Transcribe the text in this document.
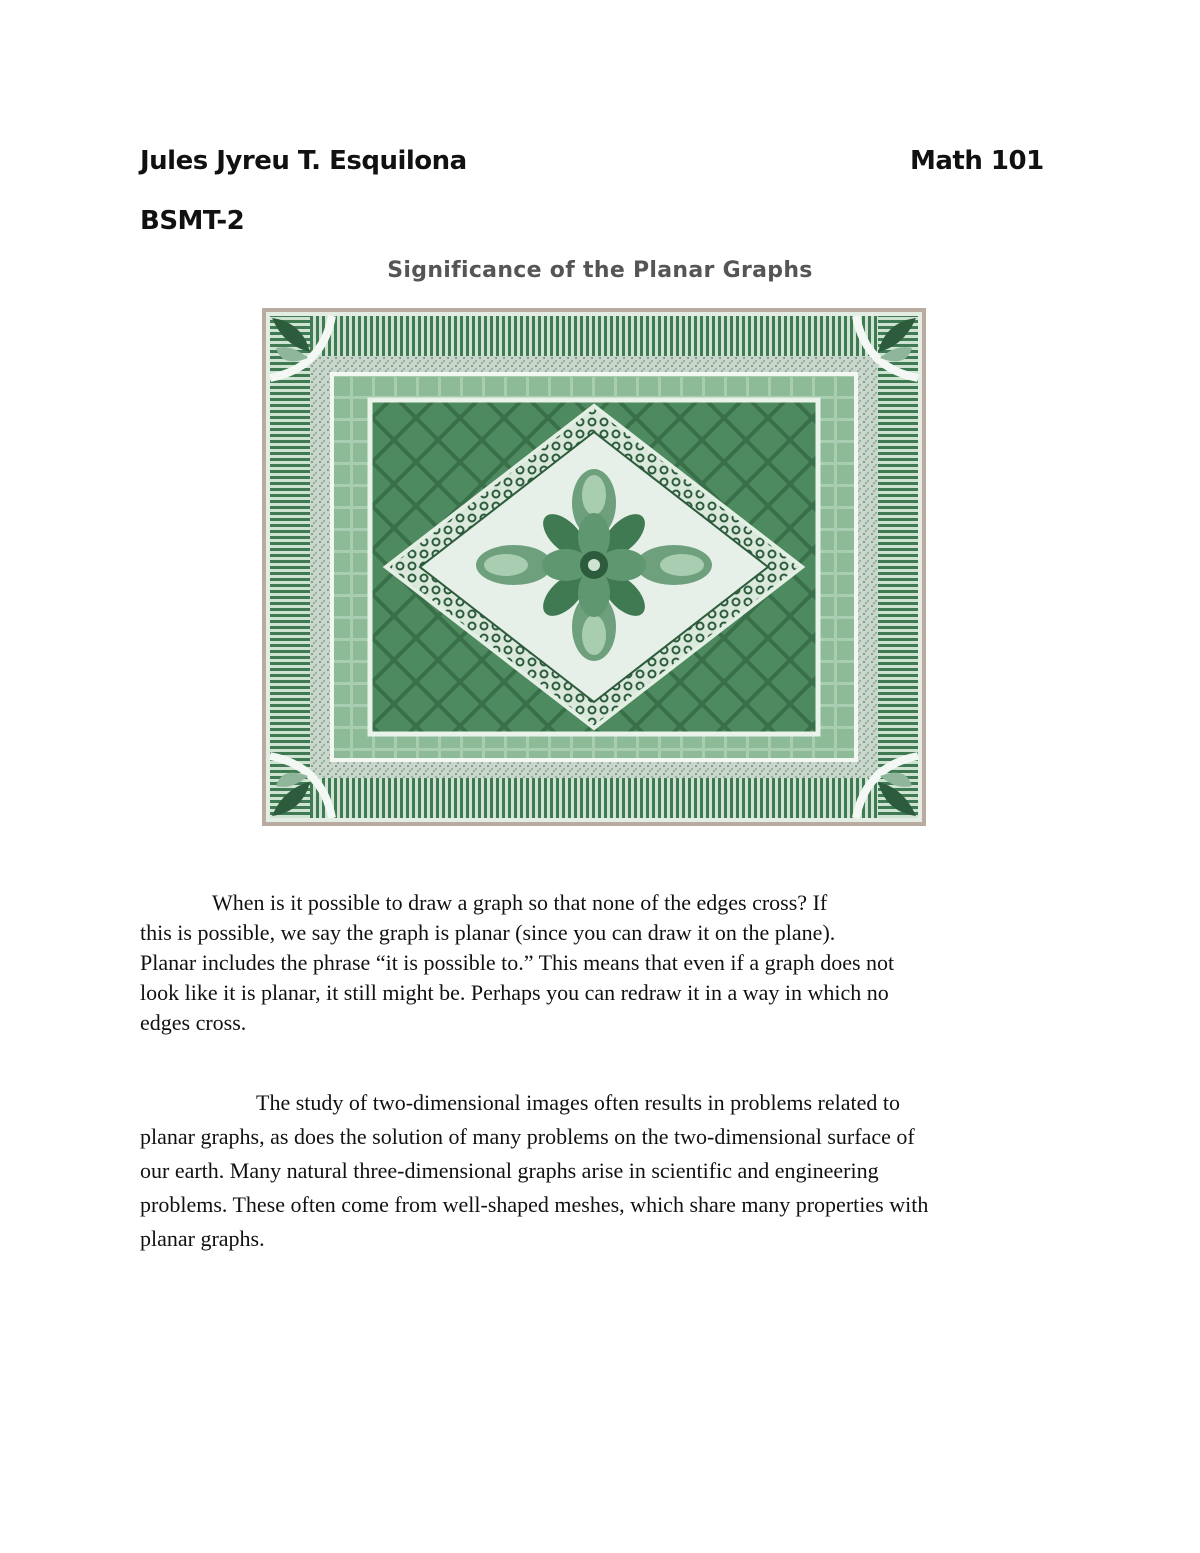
Jules Jyreu T. Esquilona	Math 101
BSMT-2
Significance of the Planar Graphs
When is it possible to draw a graph so that none of the edges cross? If
this is possible, we say the graph is planar (since you can draw it on the plane).
Planar includes the phrase “it is possible to.” This means that even if a graph does not
look like it is planar, it still might be. Perhaps you can redraw it in a way in which no
edges cross.
The study of two-dimensional images often results in problems related to
planar graphs, as does the solution of many problems on the two-dimensional surface of
our earth. Many natural three-dimensional graphs arise in scientific and engineering
problems. These often come from well-shaped meshes, which share many properties with
planar graphs.
